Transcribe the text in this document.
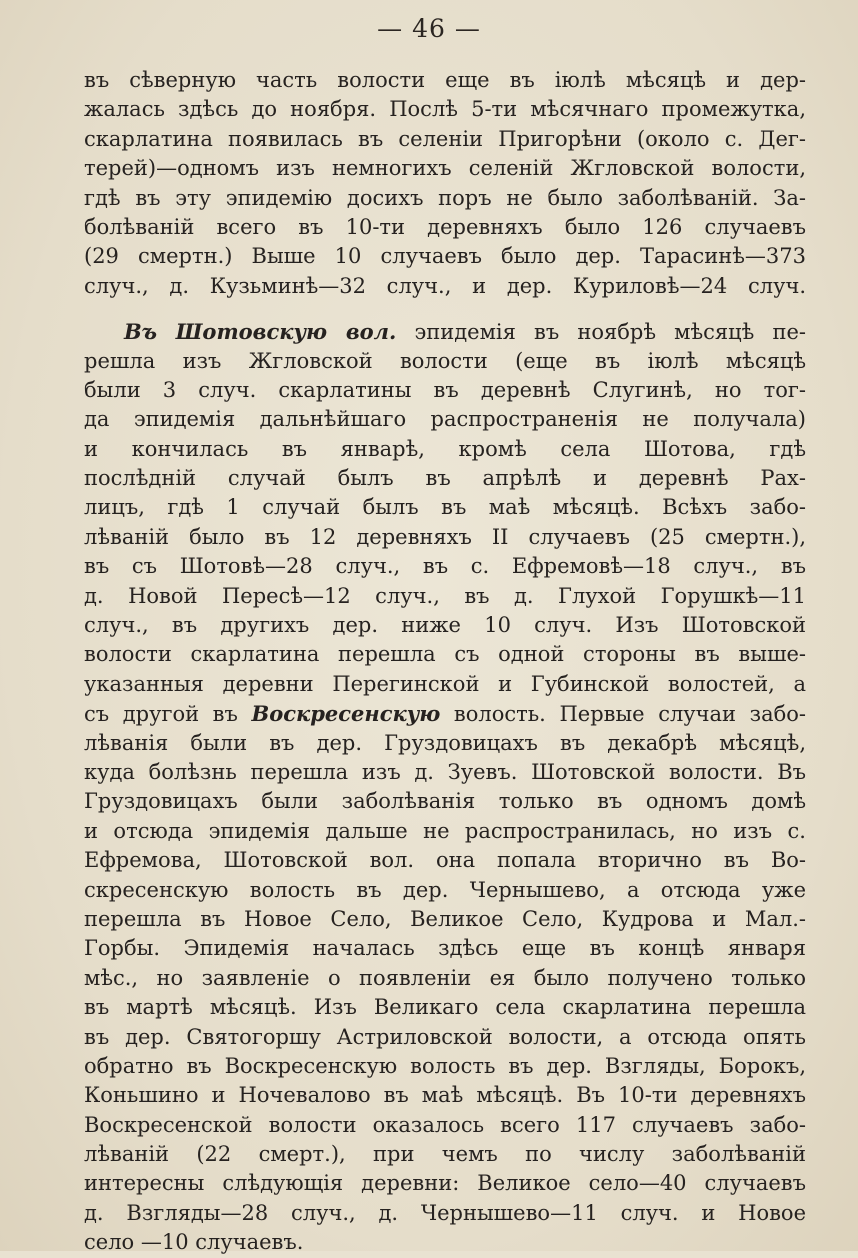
— 46 —
въ сѣверную часть волости еще въ іюлѣ мѣсяцѣ и дер-
жалась здѣсь до ноября. Послѣ 5-ти мѣсячнаго промежутка,
скарлатина появилась въ селеніи Пригорѣни (около с. Дег-
терей)—одномъ изъ немногихъ селеній Жгловской волости,
гдѣ въ эту эпидемію досихъ поръ не было заболѣваній. За-
болѣваній всего въ 10-ти деревняхъ было 126 случаевъ
(29 смертн.) Выше 10 случаевъ было дер. Тарасинѣ—373
случ., д. Кузьминѣ—32 случ., и дер. Куриловѣ—24 случ.
Въ Шотовскую вол. эпидемія въ ноябрѣ мѣсяцѣ пе-
решла изъ Жгловской волости (еще въ іюлѣ мѣсяцѣ
были 3 случ. скарлатины въ деревнѣ Слугинѣ, но тог-
да эпидемія дальнѣйшаго распространенія не получала)
и кончилась въ январѣ, кромѣ села Шотова, гдѣ
послѣдній случай былъ въ апрѣлѣ и деревнѣ Рах-
лицъ, гдѣ 1 случай былъ въ маѣ мѣсяцѣ. Всѣхъ забо-
лѣваній было въ 12 деревняхъ II случаевъ (25 смертн.),
въ съ Шотовѣ—28 случ., въ с. Ефремовѣ—18 случ., въ
д. Новой Пересѣ—12 случ., въ д. Глухой Горушкѣ—11
случ., въ другихъ дер. ниже 10 случ. Изъ Шотовской
волости скарлатина перешла съ одной стороны въ выше-
указанныя деревни Перегинской и Губинской волостей, а
съ другой въ Воскресенскую волость. Первые случаи забо-
лѣванія были въ дер. Груздовицахъ въ декабрѣ мѣсяцѣ,
куда болѣзнь перешла изъ д. Зуевъ. Шотовской волости. Въ
Груздовицахъ были заболѣванія только въ одномъ домѣ
и отсюда эпидемія дальше не распространилась, но изъ с.
Ефремова, Шотовской вол. она попала вторично въ Во-
скресенскую волость въ дер. Чернышево, а отсюда уже
перешла въ Новое Село, Великое Село, Кудрова и Мал.-
Горбы. Эпидемія началась здѣсь еще въ концѣ января
мѣс., но заявленіе о появленіи ея было получено только
въ мартѣ мѣсяцѣ. Изъ Великаго села скарлатина перешла
въ дер. Святогоршу Астриловской волости, а отсюда опять
обратно въ Воскресенскую волость въ дер. Взгляды, Борокъ,
Коньшино и Ночевалово въ маѣ мѣсяцѣ. Въ 10-ти деревняхъ
Воскресенской волости оказалось всего 117 случаевъ забо-
лѣваній (22 смерт.), при чемъ по числу заболѣваній
интересны слѣдующія деревни: Великое село—40 случаевъ
д. Взгляды—28 случ., д. Чернышево—11 случ. и Новое
село —10 случаевъ.
